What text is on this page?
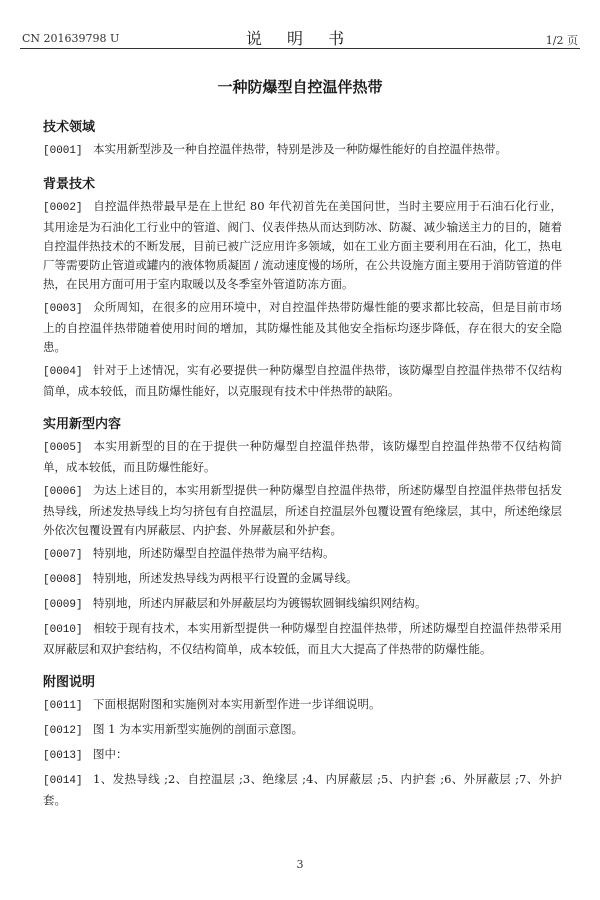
CN 201639798 U	说 明 书	1/2 页
一种防爆型自控温伴热带
技术领域
[0001] 本实用新型涉及一种自控温伴热带，特别是涉及一种防爆性能好的自控温伴热带。
背景技术
[0002] 自控温伴热带最早是在上世纪 80 年代初首先在美国问世，当时主要应用于石油石化行业，其用途是为石油化工行业中的管道、阀门、仪表伴热从而达到防冰、防凝、减少输送主力的目的，随着自控温伴热技术的不断发展，目前已被广泛应用许多领域，如在工业方面主要利用在石油，化工，热电厂等需要防止管道或罐内的液体物质凝固 / 流动速度慢的场所，在公共设施方面主要用于消防管道的伴热，在民用方面可用于室内取暖以及冬季室外管道防冻方面。
[0003] 众所周知，在很多的应用环境中，对自控温伴热带防爆性能的要求都比较高，但是目前市场上的自控温伴热带随着使用时间的增加，其防爆性能及其他安全指标均逐步降低，存在很大的安全隐患。
[0004] 针对于上述情况，实有必要提供一种防爆型自控温伴热带，该防爆型自控温伴热带不仅结构简单，成本较低，而且防爆性能好，以克服现有技术中伴热带的缺陷。
实用新型内容
[0005] 本实用新型的目的在于提供一种防爆型自控温伴热带，该防爆型自控温伴热带不仅结构简单，成本较低，而且防爆性能好。
[0006] 为达上述目的，本实用新型提供一种防爆型自控温伴热带，所述防爆型自控温伴热带包括发热导线，所述发热导线上均匀挤包有自控温层，所述自控温层外包覆设置有绝缘层，其中，所述绝缘层外依次包覆设置有内屏蔽层、内护套、外屏蔽层和外护套。
[0007] 特别地，所述防爆型自控温伴热带为扁平结构。
[0008] 特别地，所述发热导线为两根平行设置的金属导线。
[0009] 特别地，所述内屏蔽层和外屏蔽层均为镀锡软圆铜线编织网结构。
[0010] 相较于现有技术，本实用新型提供一种防爆型自控温伴热带，所述防爆型自控温伴热带采用双屏蔽层和双护套结构，不仅结构简单，成本较低，而且大大提高了伴热带的防爆性能。
附图说明
[0011] 下面根据附图和实施例对本实用新型作进一步详细说明。
[0012] 图 1 为本实用新型实施例的剖面示意图。
[0013] 图中：
[0014] 1、发热导线 ;2、自控温层 ;3、绝缘层 ;4、内屏蔽层 ;5、内护套 ;6、外屏蔽层 ;7、外护套。
3
